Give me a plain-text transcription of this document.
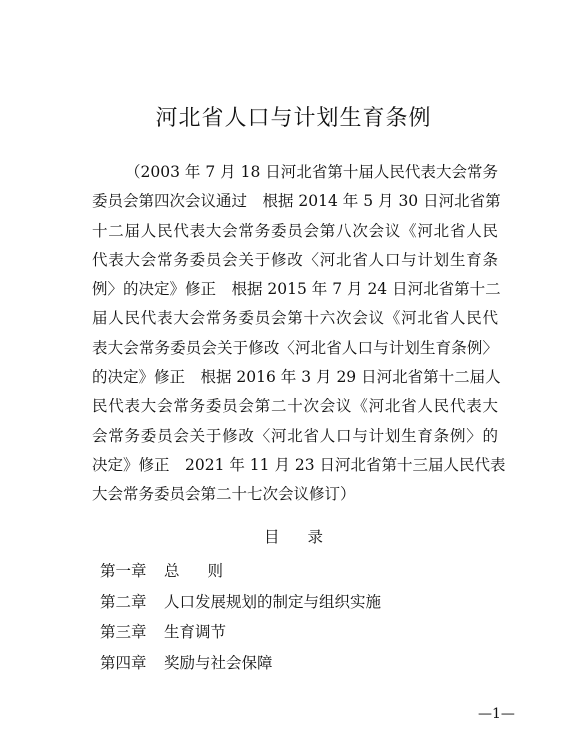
河北省人口与计划生育条例
（2003 年 7 月 18 日河北省第十届人民代表大会常务
委员会第四次会议通过　根据 2014 年 5 月 30 日河北省第
十二届人民代表大会常务委员会第八次会议《河北省人民
代表大会常务委员会关于修改〈河北省人口与计划生育条
例〉的决定》修正　根据 2015 年 7 月 24 日河北省第十二
届人民代表大会常务委员会第十六次会议《河北省人民代
表大会常务委员会关于修改〈河北省人口与计划生育条例〉
的决定》修正　根据 2016 年 3 月 29 日河北省第十二届人
民代表大会常务委员会第二十次会议《河北省人民代表大
会常务委员会关于修改〈河北省人口与计划生育条例〉的
决定》修正　2021 年 11 月 23 日河北省第十三届人民代表
大会常务委员会第二十七次会议修订）
目 录
第一章	总则
第二章	人口发展规划的制定与组织实施
第三章	生育调节
第四章	奖励与社会保障
—1—
